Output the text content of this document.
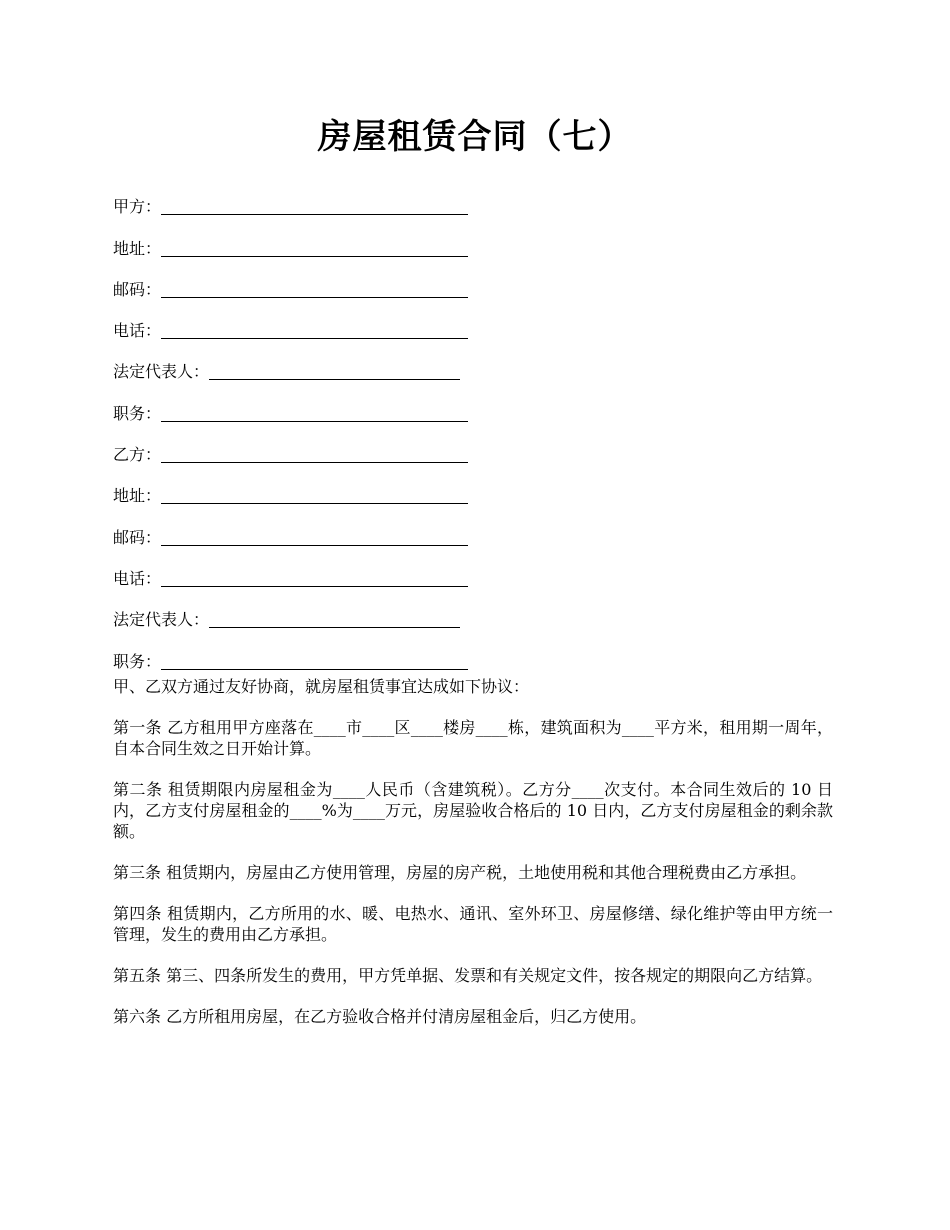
房屋租赁合同（七）
甲方：
地址：
邮码：
电话：
法定代表人：
职务：
乙方：
地址：
邮码：
电话：
法定代表人：
职务：

甲、乙双方通过友好协商，就房屋租赁事宜达成如下协议：

第一条 乙方租用甲方座落在____市____区____楼房____栋，建筑面积为____平方米，租用期一周年，自本合同生效之日开始计算。

第二条 租赁期限内房屋租金为____人民币（含建筑税）。乙方分____次支付。本合同生效后的 10 日内，乙方支付房屋租金的____%为____万元，房屋验收合格后的 10 日内，乙方支付房屋租金的剩余款额。

第三条 租赁期内，房屋由乙方使用管理，房屋的房产税，土地使用税和其他合理税费由乙方承担。

第四条 租赁期内，乙方所用的水、暖、电热水、通讯、室外环卫、房屋修缮、绿化维护等由甲方统一管理，发生的费用由乙方承担。

第五条 第三、四条所发生的费用，甲方凭单据、发票和有关规定文件，按各规定的期限向乙方结算。

第六条 乙方所租用房屋，在乙方验收合格并付清房屋租金后，归乙方使用。
